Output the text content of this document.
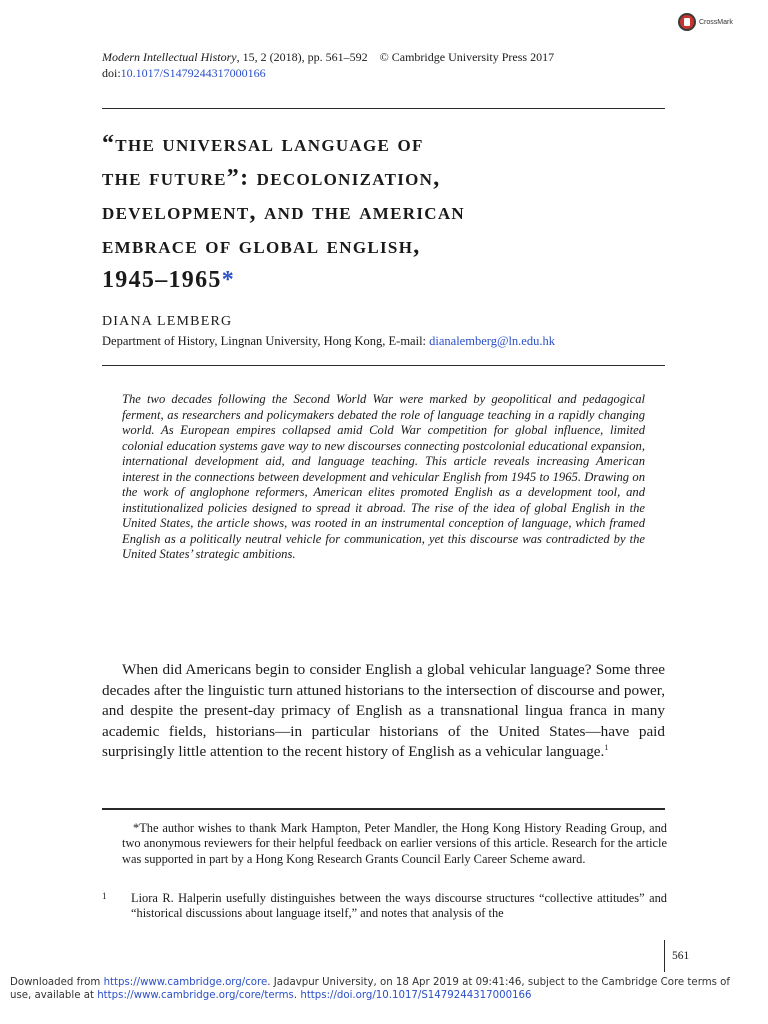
CrossMark
Modern Intellectual History, 15, 2 (2018), pp. 561–592 © Cambridge University Press 2017
doi:10.1017/S1479244317000166
“the universal language of
the future”: decolonization,
development, and the american
embrace of global english,
1945–1965*
DIANA LEMBERG
Department of History, Lingnan University, Hong Kong, E-mail: dianalemberg@ln.edu.hk

The two decades following the Second World War were marked by geopolitical and pedagogical ferment, as researchers and policymakers debated the role of language teaching in a rapidly changing world. As European empires collapsed amid Cold War competition for global influence, limited colonial education systems gave way to new discourses connecting postcolonial educational expansion, international development aid, and language teaching. This article reveals increasing American interest in the connections between development and vehicular English from 1945 to 1965. Drawing on the work of anglophone reformers, American elites promoted English as a development tool, and institutionalized policies designed to spread it abroad. The rise of the idea of global English in the United States, the article shows, was rooted in an instrumental conception of language, which framed English as a politically neutral vehicle for communication, yet this discourse was contradicted by the United States’ strategic ambitions.

When did Americans begin to consider English a global vehicular language? Some three decades after the linguistic turn attuned historians to the intersection of discourse and power, and despite the present-day primacy of English as a transnational lingua franca in many academic fields, historians—in particular historians of the United States—have paid surprisingly little attention to the recent history of English as a vehicular language.$^1$

*The author wishes to thank Mark Hampton, Peter Mandler, the Hong Kong History Reading Group, and two anonymous reviewers for their helpful feedback on earlier versions of this article. Research for the article was supported in part by a Hong Kong Research Grants Council Early Career Scheme award.

1 Liora R. Halperin usefully distinguishes between the ways discourse structures “collective attitudes” and “historical discussions about language itself,” and notes that analysis of the

561
Downloaded from https://www.cambridge.org/core. Jadavpur University, on 18 Apr 2019 at 09:41:46, subject to the Cambridge Core terms of use, available at https://www.cambridge.org/core/terms. https://doi.org/10.1017/S1479244317000166
